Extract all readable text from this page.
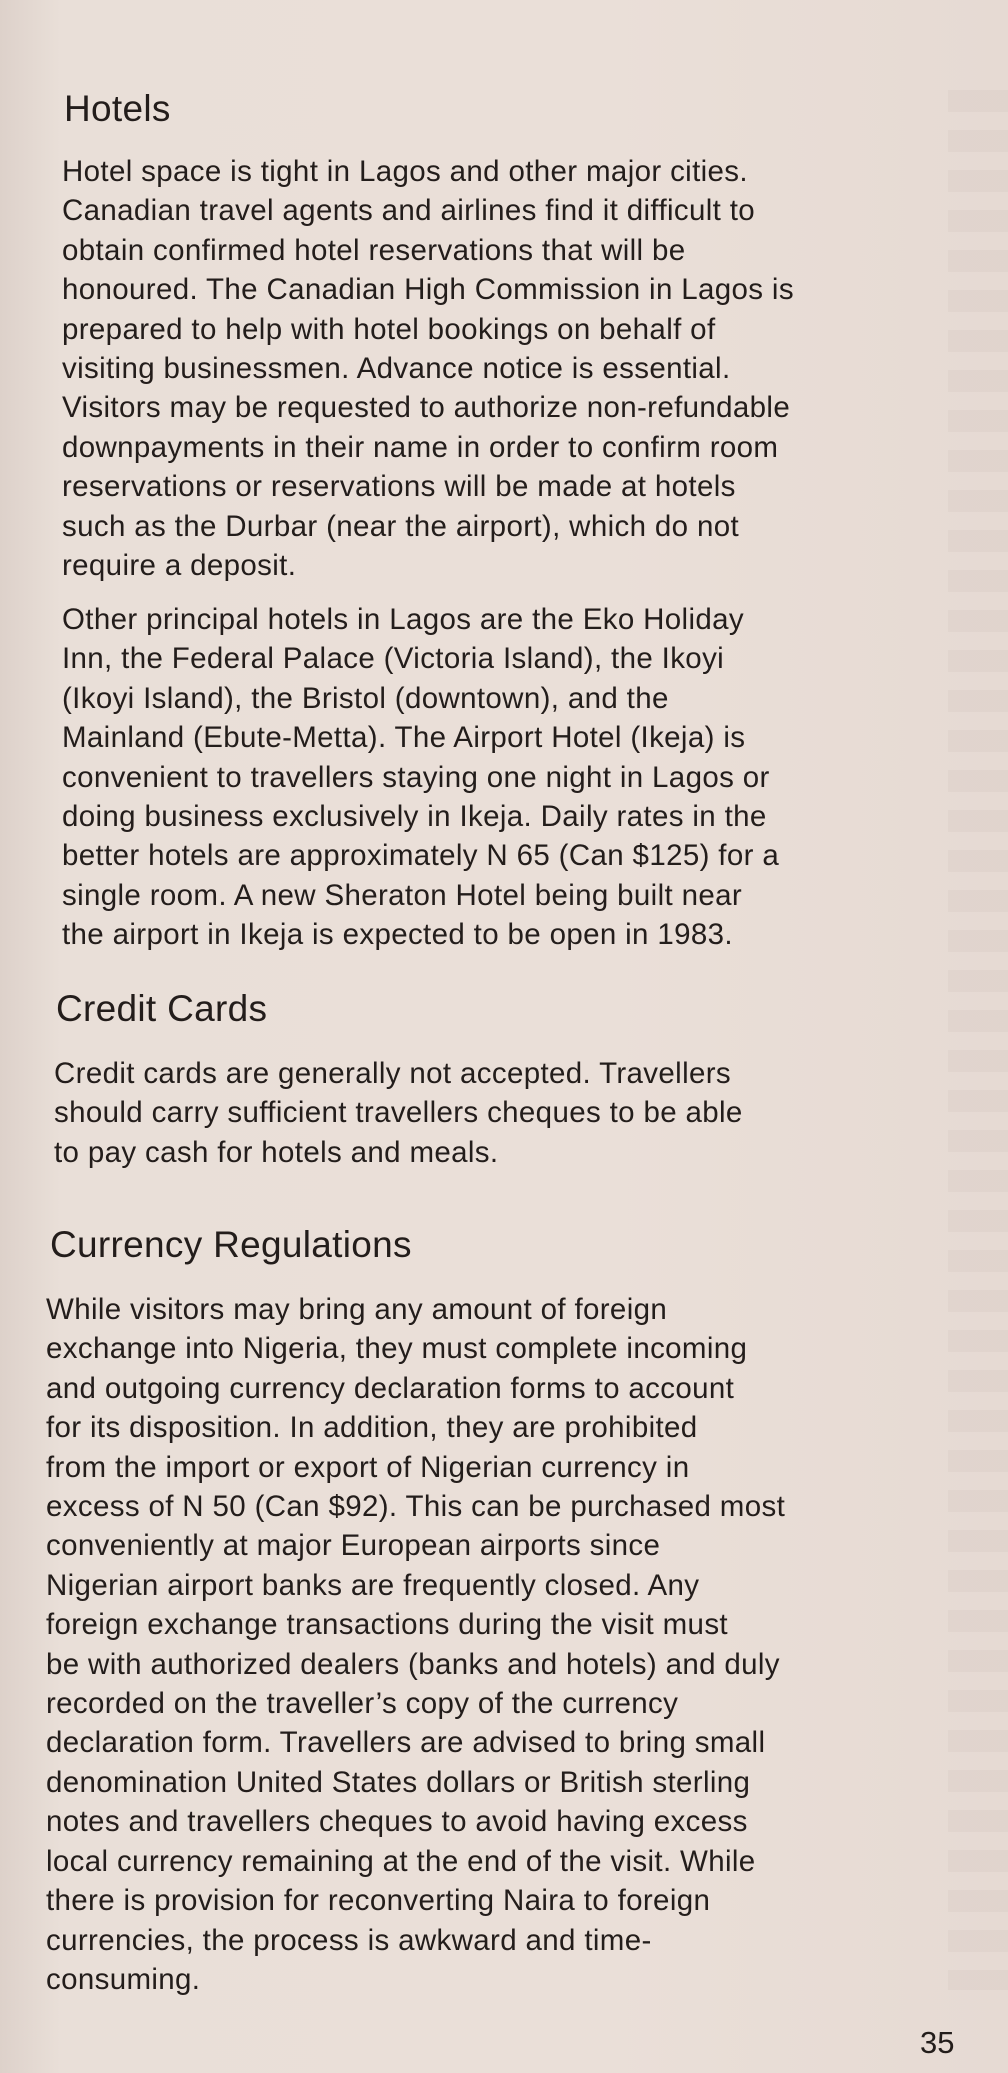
Hotels
Hotel space is tight in Lagos and other major cities.
Canadian travel agents and airlines find it difficult to
obtain confirmed hotel reservations that will be
honoured. The Canadian High Commission in Lagos is
prepared to help with hotel bookings on behalf of
visiting businessmen. Advance notice is essential.
Visitors may be requested to authorize non-refundable
downpayments in their name in order to confirm room
reservations or reservations will be made at hotels
such as the Durbar (near the airport), which do not
require a deposit.
Other principal hotels in Lagos are the Eko Holiday
Inn, the Federal Palace (Victoria Island), the Ikoyi
(Ikoyi Island), the Bristol (downtown), and the
Mainland (Ebute-Metta). The Airport Hotel (Ikeja) is
convenient to travellers staying one night in Lagos or
doing business exclusively in Ikeja. Daily rates in the
better hotels are approximately N 65 (Can $125) for a
single room. A new Sheraton Hotel being built near
the airport in Ikeja is expected to be open in 1983.
Credit Cards
Credit cards are generally not accepted. Travellers
should carry sufficient travellers cheques to be able
to pay cash for hotels and meals.
Currency Regulations
While visitors may bring any amount of foreign
exchange into Nigeria, they must complete incoming
and outgoing currency declaration forms to account
for its disposition. In addition, they are prohibited
from the import or export of Nigerian currency in
excess of N 50 (Can $92). This can be purchased most
conveniently at major European airports since
Nigerian airport banks are frequently closed. Any
foreign exchange transactions during the visit must
be with authorized dealers (banks and hotels) and duly
recorded on the traveller’s copy of the currency
declaration form. Travellers are advised to bring small
denomination United States dollars or British sterling
notes and travellers cheques to avoid having excess
local currency remaining at the end of the visit. While
there is provision for reconverting Naira to foreign
currencies, the process is awkward and time-
consuming.
35
